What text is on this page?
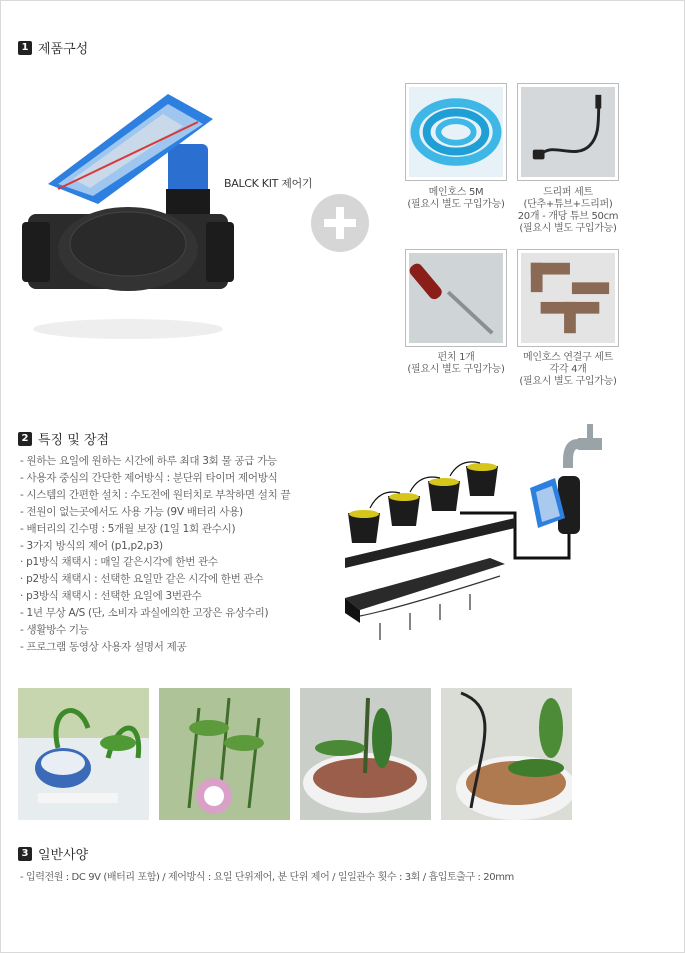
1 제품구성
BALCK KIT 제어기
메인호스 5M
(필요시 별도 구입가능)
드리퍼 세트
(단추+튜브+드리퍼)
20개 - 개당 튜브 50cm
(필요시 별도 구입가능)
펀치 1개
(필요시 별도 구입가능)
메인호스 연결구 세트
각각 4개
(필요시 별도 구입가능)
2 특징 및 장점
- 원하는 요일에 원하는 시간에 하루 최대 3회 물 공급 가능
- 사용자 중심의 간단한 제어방식 : 분단위 타이머 제어방식
- 시스템의 간편한 설치 : 수도전에 원터치로 부착하면 설치 끝
- 전원이 없는곳에서도 사용 가능 (9V 배터리 사용)
- 배터리의 긴수명 : 5개월 보장 (1일 1회 관수시)
- 3가지 방식의 제어 (p1,p2,p3)
· p1방식 채택시 : 매일 같은시각에 한번 관수
· p2방식 채택시 : 선택한 요일만 같은 시각에 한번 관수
· p3방식 채택시 : 선택한 요일에 3번관수
- 1년 무상 A/S (단, 소비자 과실에의한 고장은 유상수리)
- 생활방수 기능
- 프로그램 동영상 사용자 설명서 제공
3 일반사양
- 입력전원 : DC 9V (배터리 포함) / 제어방식 : 요일 단위제어, 분 단위 제어 / 일일관수 횟수 : 3회 / 흡입토출구 : 20mm
